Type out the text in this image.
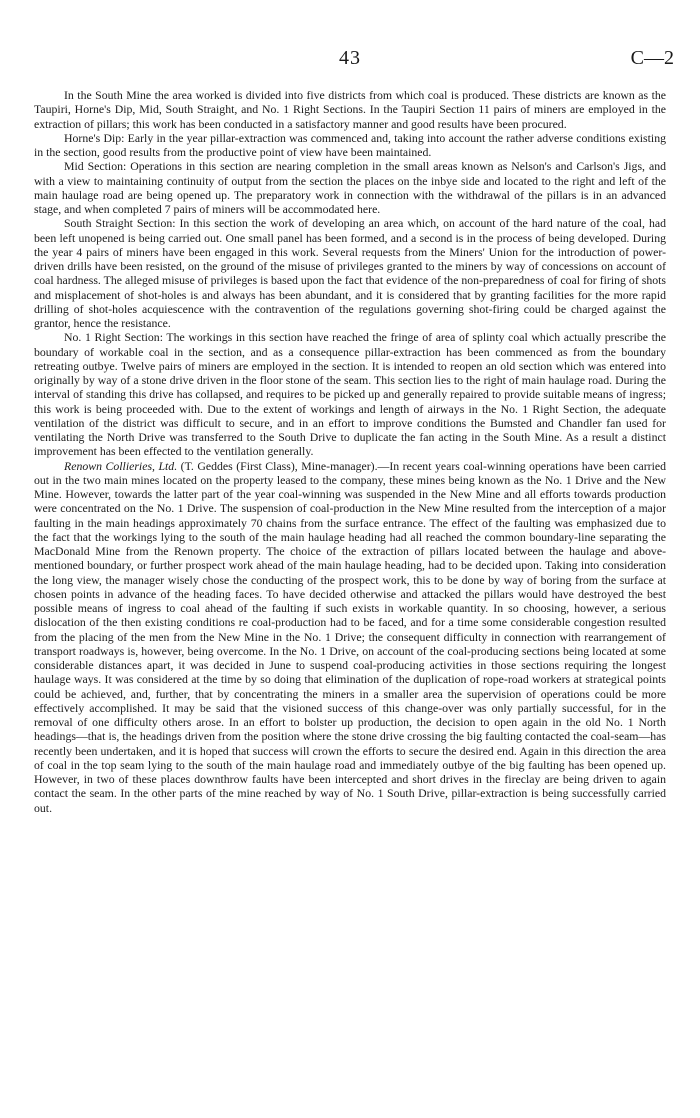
43	C—2

In the South Mine the area worked is divided into five districts from which coal is produced. These districts are known as the Taupiri, Horne's Dip, Mid, South Straight, and No. 1 Right Sections. In the Taupiri Section 11 pairs of miners are employed in the extraction of pillars; this work has been conducted in a satisfactory manner and good results have been procured.

Horne's Dip: Early in the year pillar-extraction was commenced and, taking into account the rather adverse conditions existing in the section, good results from the productive point of view have been maintained.

Mid Section: Operations in this section are nearing completion in the small areas known as Nelson's and Carlson's Jigs, and with a view to maintaining continuity of output from the section the places on the inbye side and located to the right and left of the main haulage road are being opened up. The preparatory work in connection with the withdrawal of the pillars is in an advanced stage, and when completed 7 pairs of miners will be accommodated here.

South Straight Section: In this section the work of developing an area which, on account of the hard nature of the coal, had been left unopened is being carried out. One small panel has been formed, and a second is in the process of being developed. During the year 4 pairs of miners have been engaged in this work. Several requests from the Miners' Union for the introduction of power-driven drills have been resisted, on the ground of the misuse of privileges granted to the miners by way of concessions on account of coal hardness. The alleged misuse of privileges is based upon the fact that evidence of the non-preparedness of coal for firing of shots and misplacement of shot-holes is and always has been abundant, and it is considered that by granting facilities for the more rapid drilling of shot-holes acquiescence with the contravention of the regulations governing shot-firing could be charged against the grantor, hence the resistance.

No. 1 Right Section: The workings in this section have reached the fringe of area of splinty coal which actually prescribe the boundary of workable coal in the section, and as a consequence pillar-extraction has been commenced as from the boundary retreating outbye. Twelve pairs of miners are employed in the section. It is intended to reopen an old section which was entered into originally by way of a stone drive driven in the floor stone of the seam. This section lies to the right of main haulage road. During the interval of standing this drive has collapsed, and requires to be picked up and generally repaired to provide suitable means of ingress; this work is being proceeded with. Due to the extent of workings and length of airways in the No. 1 Right Section, the adequate ventilation of the district was difficult to secure, and in an effort to improve conditions the Bumsted and Chandler fan used for ventilating the North Drive was transferred to the South Drive to duplicate the fan acting in the South Mine. As a result a distinct improvement has been effected to the ventilation generally.

Renown Collieries, Ltd. (T. Geddes (First Class), Mine-manager).—In recent years coal-winning operations have been carried out in the two main mines located on the property leased to the company, these mines being known as the No. 1 Drive and the New Mine. However, towards the latter part of the year coal-winning was suspended in the New Mine and all efforts towards production were concentrated on the No. 1 Drive. The suspension of coal-production in the New Mine resulted from the interception of a major faulting in the main headings approximately 70 chains from the surface entrance. The effect of the faulting was emphasized due to the fact that the workings lying to the south of the main haulage heading had all reached the common boundary-line separating the MacDonald Mine from the Renown property. The choice of the extraction of pillars located between the haulage and above-mentioned boundary, or further prospect work ahead of the main haulage heading, had to be decided upon. Taking into consideration the long view, the manager wisely chose the conducting of the prospect work, this to be done by way of boring from the surface at chosen points in advance of the heading faces. To have decided otherwise and attacked the pillars would have destroyed the best possible means of ingress to coal ahead of the faulting if such exists in workable quantity. In so choosing, however, a serious dislocation of the then existing conditions re coal-production had to be faced, and for a time some considerable congestion resulted from the placing of the men from the New Mine in the No. 1 Drive; the consequent difficulty in connection with rearrangement of transport roadways is, however, being overcome. In the No. 1 Drive, on account of the coal-producing sections being located at some considerable distances apart, it was decided in June to suspend coal-producing activities in those sections requiring the longest haulage ways. It was considered at the time by so doing that elimination of the duplication of rope-road workers at strategical points could be achieved, and, further, that by concentrating the miners in a smaller area the supervision of operations could be more effectively accomplished. It may be said that the visioned success of this change-over was only partially successful, for in the removal of one difficulty others arose. In an effort to bolster up production, the decision to open again in the old No. 1 North headings—that is, the headings driven from the position where the stone drive crossing the big faulting contacted the coal-seam—has recently been undertaken, and it is hoped that success will crown the efforts to secure the desired end. Again in this direction the area of coal in the top seam lying to the south of the main haulage road and immediately outbye of the big faulting has been opened up. However, in two of these places downthrow faults have been intercepted and short drives in the fireclay are being driven to again contact the seam. In the other parts of the mine reached by way of No. 1 South Drive, pillar-extraction is being successfully carried out.
